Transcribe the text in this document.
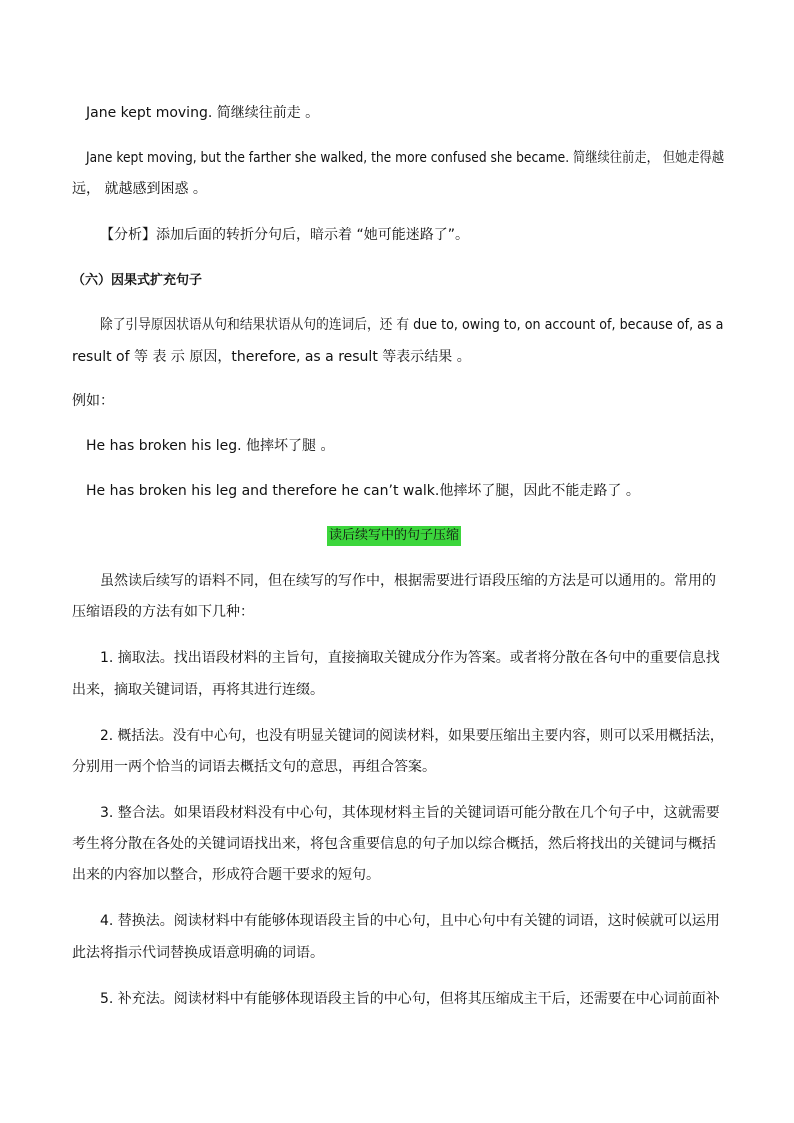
Jane kept moving. 简继续往前走 。
Jane kept moving, but the farther she walked, the more confused she became. 简继续往前走， 但她走得越
远， 就越感到困惑 。
【分析】添加后面的转折分句后，暗示着 “她可能迷路了”。
（六）因果式扩充句子
除了引导原因状语从句和结果状语从句的连词后，还 有 due to, owing to, on account of, because of, as a
result of 等 表 示 原因，therefore, as a result 等表示结果 。
例如：
He has broken his leg. 他摔坏了腿 。
He has broken his leg and therefore he can’t walk.他摔坏了腿，因此不能走路了 。
读后续写中的句子压缩
虽然读后续写的语料不同，但在续写的写作中，根据需要进行语段压缩的方法是可以通用的。常用的
压缩语段的方法有如下几种：
1. 摘取法。找出语段材料的主旨句，直接摘取关键成分作为答案。或者将分散在各句中的重要信息找
出来，摘取关键词语，再将其进行连缀。
2. 概括法。没有中心句，也没有明显关键词的阅读材料，如果要压缩出主要内容，则可以采用概括法，
分别用一两个恰当的词语去概括文句的意思，再组合答案。
3. 整合法。如果语段材料没有中心句，其体现材料主旨的关键词语可能分散在几个句子中，这就需要
考生将分散在各处的关键词语找出来，将包含重要信息的句子加以综合概括，然后将找出的关键词与概括
出来的内容加以整合，形成符合题干要求的短句。
4. 替换法。阅读材料中有能够体现语段主旨的中心句，且中心句中有关键的词语，这时候就可以运用
此法将指示代词替换成语意明确的词语。
5. 补充法。阅读材料中有能够体现语段主旨的中心句，但将其压缩成主干后，还需要在中心词前面补
